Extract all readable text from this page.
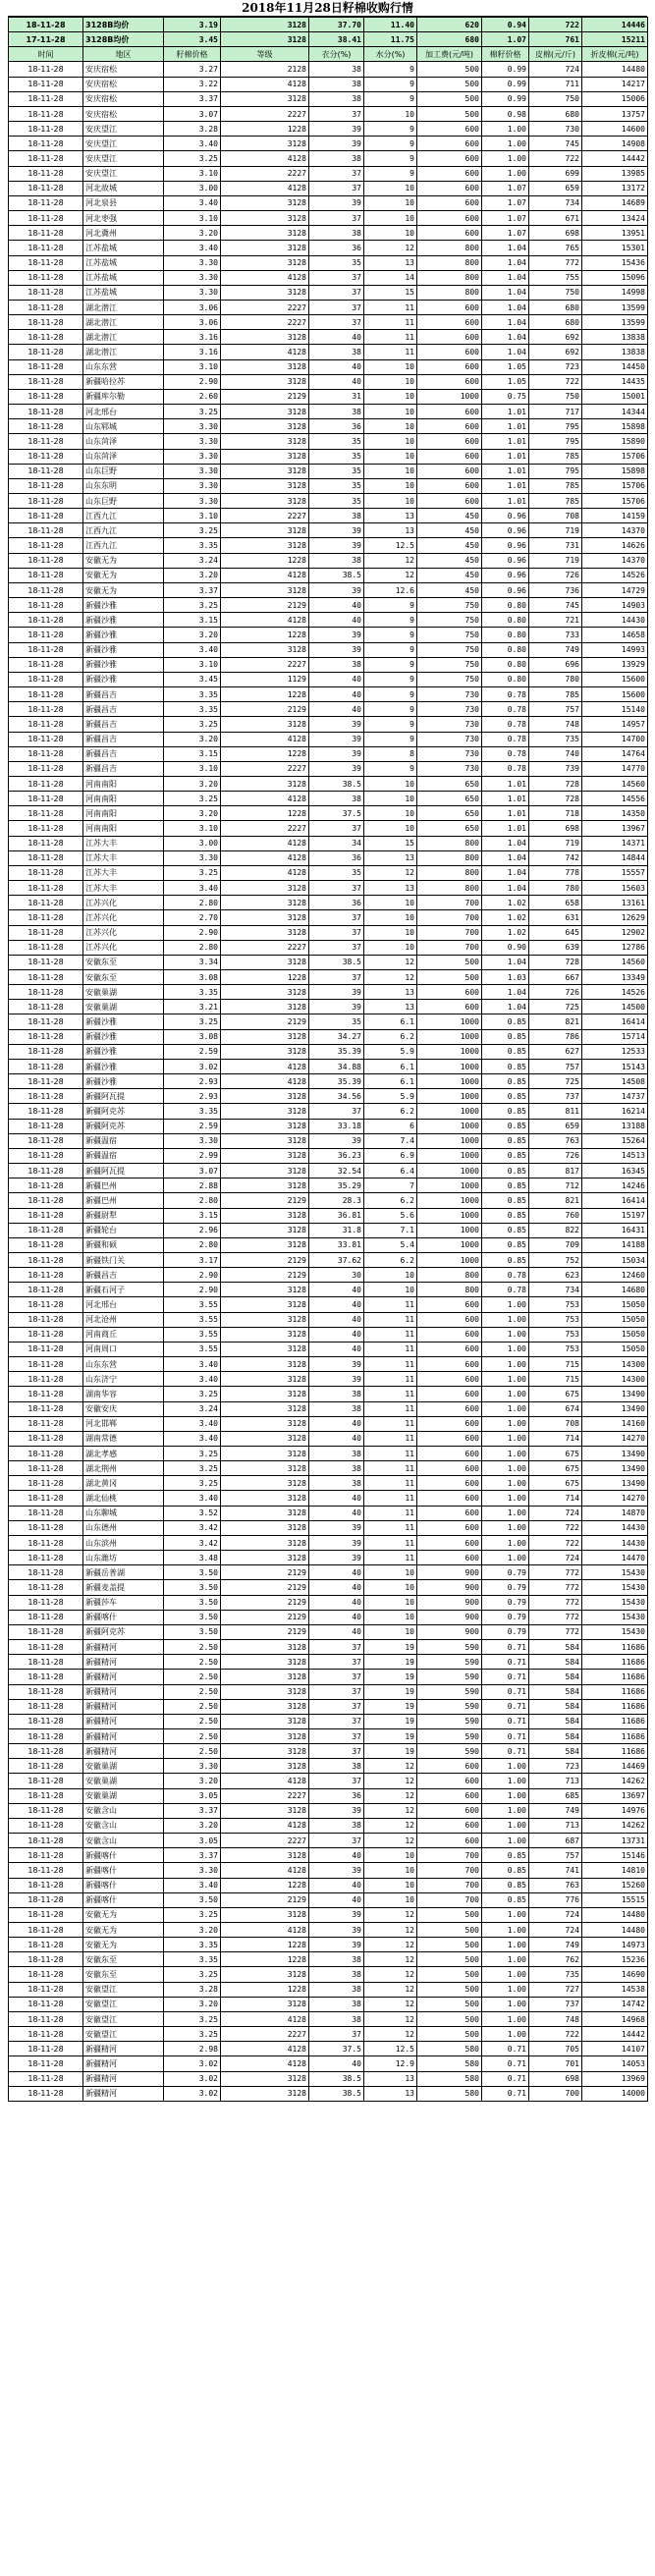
2018年11月28日籽棉收购行情
18-11-28	3128B均价	3.19	3128	37.70	11.40	620	0.94	722	14446
17-11-28	3128B均价	3.45	3128	38.41	11.75	680	1.07	761	15211
时间	地区	籽棉价格	等级	衣分(%)	水分(%)	加工费(元/吨)	棉籽价格	皮棉(元/斤)	折皮棉(元/吨)
18-11-28	安庆宿松	3.27	2128	38	9	500	0.99	724	14480
18-11-28	安庆宿松	3.22	4128	38	9	500	0.99	711	14217
18-11-28	安庆宿松	3.37	3128	38	9	500	0.99	750	15006
18-11-28	安庆宿松	3.07	2227	37	10	500	0.98	680	13757
18-11-28	安庆望江	3.28	1228	39	9	600	1.00	730	14600
18-11-28	安庆望江	3.40	3128	39	9	600	1.00	745	14908
18-11-28	安庆望江	3.25	4128	38	9	600	1.00	722	14442
18-11-28	安庆望江	3.10	2227	37	9	600	1.00	699	13985
18-11-28	河北故城	3.00	4128	37	10	600	1.07	659	13172
18-11-28	河北泉县	3.40	3128	39	10	600	1.07	734	14689
18-11-28	河北枣强	3.10	3128	37	10	600	1.07	671	13424
18-11-28	河北冀州	3.20	3128	38	10	600	1.07	698	13951
18-11-28	江苏盐城	3.40	3128	36	12	800	1.04	765	15301
18-11-28	江苏盐城	3.30	3128	35	13	800	1.04	772	15436
18-11-28	江苏盐城	3.30	4128	37	14	800	1.04	755	15096
18-11-28	江苏盐城	3.30	3128	37	15	800	1.04	750	14998
18-11-28	湖北潜江	3.06	2227	37	11	600	1.04	680	13599
18-11-28	湖北潜江	3.06	2227	37	11	600	1.04	680	13599
18-11-28	湖北潜江	3.16	3128	40	11	600	1.04	692	13838
18-11-28	湖北潜江	3.16	4128	38	11	600	1.04	692	13838
18-11-28	山东东营	3.10	3128	40	10	600	1.05	723	14450
18-11-28	新疆哈拉苏	2.90	3128	40	10	600	1.05	722	14435
18-11-28	新疆库尔勒	2.60	2129	31	10	1000	0.75	750	15001
18-11-28	河北邢台	3.25	3128	38	10	600	1.01	717	14344
18-11-28	山东郓城	3.30	3128	36	10	600	1.01	795	15898
18-11-28	山东菏泽	3.30	3128	35	10	600	1.01	795	15890
18-11-28	山东菏泽	3.30	3128	35	10	600	1.01	785	15706
18-11-28	山东巨野	3.30	3128	35	10	600	1.01	795	15898
18-11-28	山东东明	3.30	3128	35	10	600	1.01	785	15706
18-11-28	山东巨野	3.30	3128	35	10	600	1.01	785	15706
18-11-28	江西九江	3.10	2227	38	13	450	0.96	708	14159
18-11-28	江西九江	3.25	3128	39	13	450	0.96	719	14370
18-11-28	江西九江	3.35	3128	39	12.5	450	0.96	731	14626
18-11-28	安徽无为	3.24	1228	38	12	450	0.96	719	14370
18-11-28	安徽无为	3.20	4128	38.5	12	450	0.96	726	14526
18-11-28	安徽无为	3.37	3128	39	12.6	450	0.96	736	14729
18-11-28	新疆沙雅	3.25	2129	40	9	750	0.80	745	14903
18-11-28	新疆沙雅	3.15	4128	40	9	750	0.80	721	14430
18-11-28	新疆沙雅	3.20	1228	39	9	750	0.80	733	14658
18-11-28	新疆沙雅	3.40	3128	39	9	750	0.80	749	14993
18-11-28	新疆沙雅	3.10	2227	38	9	750	0.80	696	13929
18-11-28	新疆沙雅	3.45	1129	40	9	750	0.80	780	15600
18-11-28	新疆昌吉	3.35	1228	40	9	730	0.78	785	15600
18-11-28	新疆昌吉	3.35	2129	40	9	730	0.78	757	15140
18-11-28	新疆昌吉	3.25	3128	39	9	730	0.78	748	14957
18-11-28	新疆昌吉	3.20	4128	39	9	730	0.78	735	14700
18-11-28	新疆昌吉	3.15	1228	39	8	730	0.78	740	14764
18-11-28	新疆昌吉	3.10	2227	39	9	730	0.78	739	14770
18-11-28	河南南阳	3.20	3128	38.5	10	650	1.01	728	14560
18-11-28	河南南阳	3.25	4128	38	10	650	1.01	728	14556
18-11-28	河南南阳	3.20	1228	37.5	10	650	1.01	718	14350
18-11-28	河南南阳	3.10	2227	37	10	650	1.01	698	13967
18-11-28	江苏大丰	3.00	4128	34	15	800	1.04	719	14371
18-11-28	江苏大丰	3.30	4128	36	13	800	1.04	742	14844
18-11-28	江苏大丰	3.25	4128	35	12	800	1.04	778	15557
18-11-28	江苏大丰	3.40	3128	37	13	800	1.04	780	15603
18-11-28	江苏兴化	2.80	3128	36	10	700	1.02	658	13161
18-11-28	江苏兴化	2.70	3128	37	10	700	1.02	631	12629
18-11-28	江苏兴化	2.90	3128	37	10	700	1.02	645	12902
18-11-28	江苏兴化	2.80	2227	37	10	700	0.90	639	12786
18-11-28	安徽东至	3.34	3128	38.5	12	500	1.04	728	14560
18-11-28	安徽东至	3.08	1228	37	12	500	1.03	667	13349
18-11-28	安徽巢湖	3.35	3128	39	13	600	1.04	726	14526
18-11-28	安徽巢湖	3.21	3128	39	13	600	1.04	725	14500
18-11-28	新疆沙雅	3.25	2129	35	6.1	1000	0.85	821	16414
18-11-28	新疆沙雅	3.08	3128	34.27	6.2	1000	0.85	786	15714
18-11-28	新疆沙雅	2.59	3128	35.39	5.9	1000	0.85	627	12533
18-11-28	新疆沙雅	3.02	4128	34.88	6.1	1000	0.85	757	15143
18-11-28	新疆沙雅	2.93	4128	35.39	6.1	1000	0.85	725	14508
18-11-28	新疆阿瓦提	2.93	3128	34.56	5.9	1000	0.85	737	14737
18-11-28	新疆阿克苏	3.35	3128	37	6.2	1000	0.85	811	16214
18-11-28	新疆阿克苏	2.59	3128	33.18	6	1000	0.85	659	13188
18-11-28	新疆温宿	3.30	3128	39	7.4	1000	0.85	763	15264
18-11-28	新疆温宿	2.99	3128	36.23	6.9	1000	0.85	726	14513
18-11-28	新疆阿瓦提	3.07	3128	32.54	6.4	1000	0.85	817	16345
18-11-28	新疆巴州	2.88	3128	35.29	7	1000	0.85	712	14246
18-11-28	新疆巴州	2.80	2129	28.3	6.2	1000	0.85	821	16414
18-11-28	新疆尉犁	3.15	3128	36.81	5.6	1000	0.85	760	15197
18-11-28	新疆轮台	2.96	3128	31.8	7.1	1000	0.85	822	16431
18-11-28	新疆和硕	2.80	3128	33.81	5.4	1000	0.85	709	14188
18-11-28	新疆铁门关	3.17	2129	37.62	6.2	1000	0.85	752	15034
18-11-28	新疆昌吉	2.90	2129	30	10	800	0.78	623	12460
18-11-28	新疆石河子	2.90	3128	40	10	800	0.78	734	14680
18-11-28	河北邢台	3.55	3128	40	11	600	1.00	753	15050
18-11-28	河北沧州	3.55	3128	40	11	600	1.00	753	15050
18-11-28	河南商丘	3.55	3128	40	11	600	1.00	753	15050
18-11-28	河南周口	3.55	3128	40	11	600	1.00	753	15050
18-11-28	山东东营	3.40	3128	39	11	600	1.00	715	14300
18-11-28	山东济宁	3.40	3128	39	11	600	1.00	715	14300
18-11-28	湖南华容	3.25	3128	38	11	600	1.00	675	13490
18-11-28	安徽安庆	3.24	3128	38	11	600	1.00	674	13490
18-11-28	河北邯郸	3.40	3128	40	11	600	1.00	708	14160
18-11-28	湖南常德	3.40	3128	40	11	600	1.00	714	14270
18-11-28	湖北孝感	3.25	3128	38	11	600	1.00	675	13490
18-11-28	湖北荆州	3.25	3128	38	11	600	1.00	675	13490
18-11-28	湖北黄冈	3.25	3128	38	11	600	1.00	675	13490
18-11-28	湖北仙桃	3.40	3128	40	11	600	1.00	714	14270
18-11-28	山东聊城	3.52	3128	40	11	600	1.00	724	14870
18-11-28	山东德州	3.42	3128	39	11	600	1.00	722	14430
18-11-28	山东滨州	3.42	3128	39	11	600	1.00	722	14430
18-11-28	山东潍坊	3.48	3128	39	11	600	1.00	724	14470
18-11-28	新疆岳普湖	3.50	2129	40	10	900	0.79	772	15430
18-11-28	新疆麦盖提	3.50	2129	40	10	900	0.79	772	15430
18-11-28	新疆莎车	3.50	2129	40	10	900	0.79	772	15430
18-11-28	新疆喀什	3.50	2129	40	10	900	0.79	772	15430
18-11-28	新疆阿克苏	3.50	2129	40	10	900	0.79	772	15430
18-11-28	新疆精河	2.50	3128	37	19	590	0.71	584	11686
18-11-28	新疆精河	2.50	3128	37	19	590	0.71	584	11686
18-11-28	新疆精河	2.50	3128	37	19	590	0.71	584	11686
18-11-28	新疆精河	2.50	3128	37	19	590	0.71	584	11686
18-11-28	新疆精河	2.50	3128	37	19	590	0.71	584	11686
18-11-28	新疆精河	2.50	3128	37	19	590	0.71	584	11686
18-11-28	新疆精河	2.50	3128	37	19	590	0.71	584	11686
18-11-28	新疆精河	2.50	3128	37	19	590	0.71	584	11686
18-11-28	安徽巢湖	3.30	3128	38	12	600	1.00	723	14469
18-11-28	安徽巢湖	3.20	4128	37	12	600	1.00	713	14262
18-11-28	安徽巢湖	3.05	2227	36	12	600	1.00	685	13697
18-11-28	安徽含山	3.37	3128	39	12	600	1.00	749	14976
18-11-28	安徽含山	3.20	4128	38	12	600	1.00	713	14262
18-11-28	安徽含山	3.05	2227	37	12	600	1.00	687	13731
18-11-28	新疆喀什	3.37	3128	40	10	700	0.85	757	15146
18-11-28	新疆喀什	3.30	4128	39	10	700	0.85	741	14810
18-11-28	新疆喀什	3.40	1228	40	10	700	0.85	763	15260
18-11-28	新疆喀什	3.50	2129	40	10	700	0.85	776	15515
18-11-28	安徽无为	3.25	3128	39	12	500	1.00	724	14480
18-11-28	安徽无为	3.20	4128	39	12	500	1.00	724	14480
18-11-28	安徽无为	3.35	1228	39	12	500	1.00	749	14973
18-11-28	安徽东至	3.35	1228	38	12	500	1.00	762	15236
18-11-28	安徽东至	3.25	3128	38	12	500	1.00	735	14690
18-11-28	安徽望江	3.28	1228	38	12	500	1.00	727	14538
18-11-28	安徽望江	3.20	3128	38	12	500	1.00	737	14742
18-11-28	安徽望江	3.25	4128	38	12	500	1.00	748	14968
18-11-28	安徽望江	3.25	2227	37	12	500	1.00	722	14442
18-11-28	新疆精河	2.98	4128	37.5	12.5	580	0.71	705	14107
18-11-28	新疆精河	3.02	4128	40	12.9	580	0.71	701	14053
18-11-28	新疆精河	3.02	3128	38.5	13	580	0.71	698	13969
18-11-28	新疆精河	3.02	3128	38.5	13	580	0.71	700	14000
